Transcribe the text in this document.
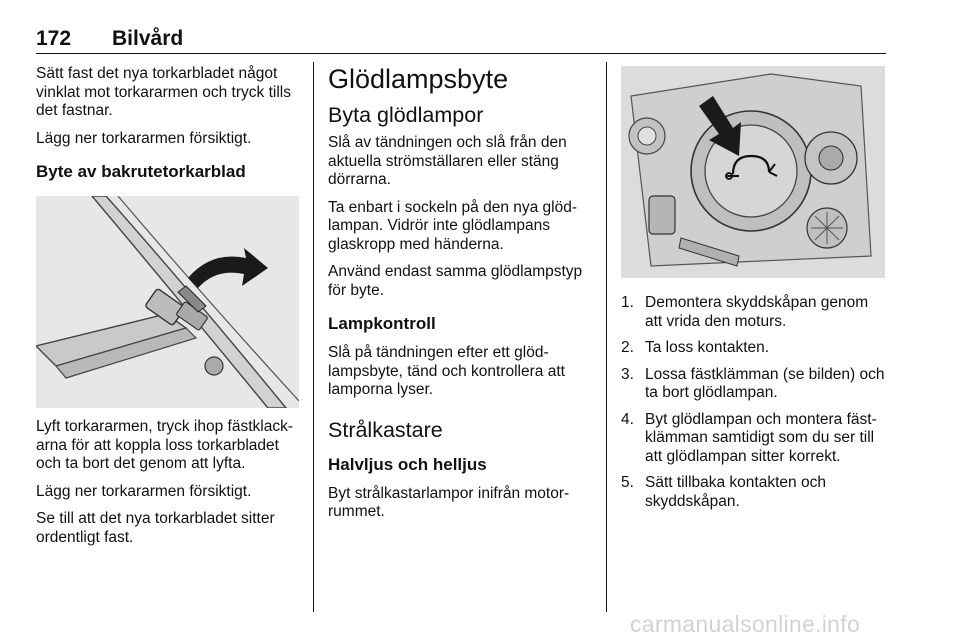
172 Bilvård

Sätt fast det nya torkarbladet något vinklat mot torkararmen och tryck tills det fastnar.

Lägg ner torkararmen försiktigt.

Byte av bakrutetorkarblad

Lyft torkararmen, tryck ihop fästklack-arna för att koppla loss torkarbladet och ta bort det genom att lyfta.

Lägg ner torkararmen försiktigt.

Se till att det nya torkarbladet sitter ordentligt fast.

Glödlampsbyte
Byta glödlampor

Slå av tändningen och slå från den aktuella strömställaren eller stäng dörrarna.

Ta enbart i sockeln på den nya glöd-lampan. Vidrör inte glödlampans glaskropp med händerna.

Använd endast samma glödlampstyp för byte.

Lampkontroll

Slå på tändningen efter ett glöd-lampsbyte, tänd och kontrollera att lamporna lyser.

Strålkastare
Halvljus och helljus

Byt strålkastarlampor inifrån motor-rummet.

1. Demontera skyddskåpan genom att vrida den moturs.
2. Ta loss kontakten.
3. Lossa fästklämman (se bilden) och ta bort glödlampan.
4. Byt glödlampan och montera fäst-klämman samtidigt som du ser till att glödlampan sitter korrekt.
5. Sätt tillbaka kontakten och skyddskåpan.
carmanualsonline.info
